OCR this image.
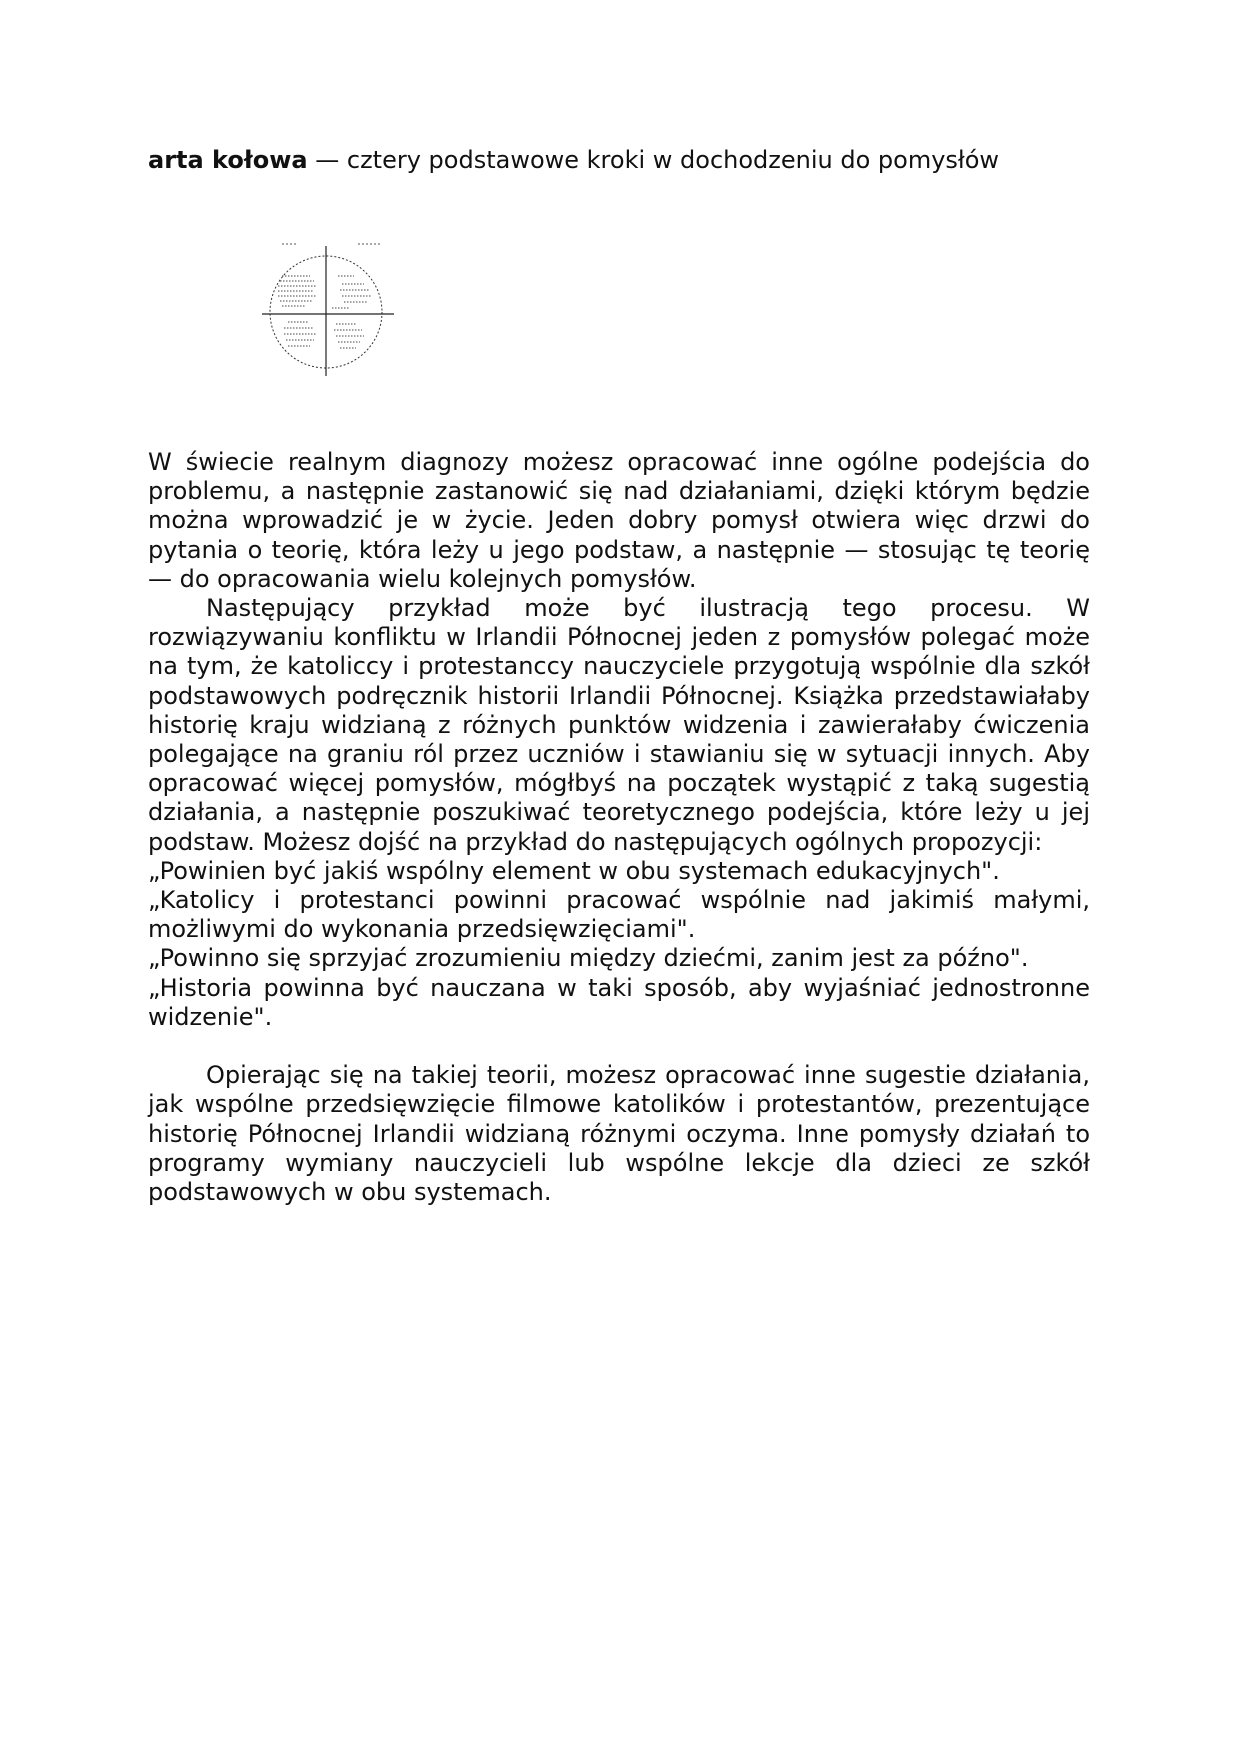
arta kołowa — cztery podstawowe kroki w dochodzeniu do pomysłów

W świecie realnym diagnozy możesz opracować inne ogólne podejścia do problemu, a następnie zastanowić się nad działaniami, dzięki którym będzie można wprowadzić je w życie. Jeden dobry pomysł otwiera więc drzwi do pytania o teorię, która leży u jego podstaw, a następnie — stosując tę teorię — do opracowania wielu kolejnych pomysłów.

Następujący przykład może być ilustracją tego procesu. W rozwiązywaniu konfliktu w Irlandii Północnej jeden z pomysłów polegać może na tym, że katoliccy i protestanccy nauczyciele przygotują wspólnie dla szkół podstawowych podręcznik historii Irlandii Północnej. Książka przedstawiałaby historię kraju widzianą z różnych punktów widzenia i zawierałaby ćwiczenia polegające na graniu ról przez uczniów i stawianiu się w sytuacji innych. Aby opracować więcej pomysłów, mógłbyś na początek wystąpić z taką sugestią działania, a następnie poszukiwać teoretycznego podejścia, które leży u jej podstaw. Możesz dojść na przykład do następujących ogólnych propozycji:

„Powinien być jakiś wspólny element w obu systemach edukacyjnych".

„Katolicy i protestanci powinni pracować wspólnie nad jakimiś małymi, możliwymi do wykonania przedsięwzięciami".

„Powinno się sprzyjać zrozumieniu między dziećmi, zanim jest za późno".

„Historia powinna być nauczana w taki sposób, aby wyjaśniać jednostronne widzenie".

Opierając się na takiej teorii, możesz opracować inne sugestie działania, jak wspólne przedsięwzięcie filmowe katolików i protestantów, prezentujące historię Północnej Irlandii widzianą różnymi oczyma. Inne pomysły działań to programy wymiany nauczycieli lub wspólne lekcje dla dzieci ze szkół podstawowych w obu systemach.
